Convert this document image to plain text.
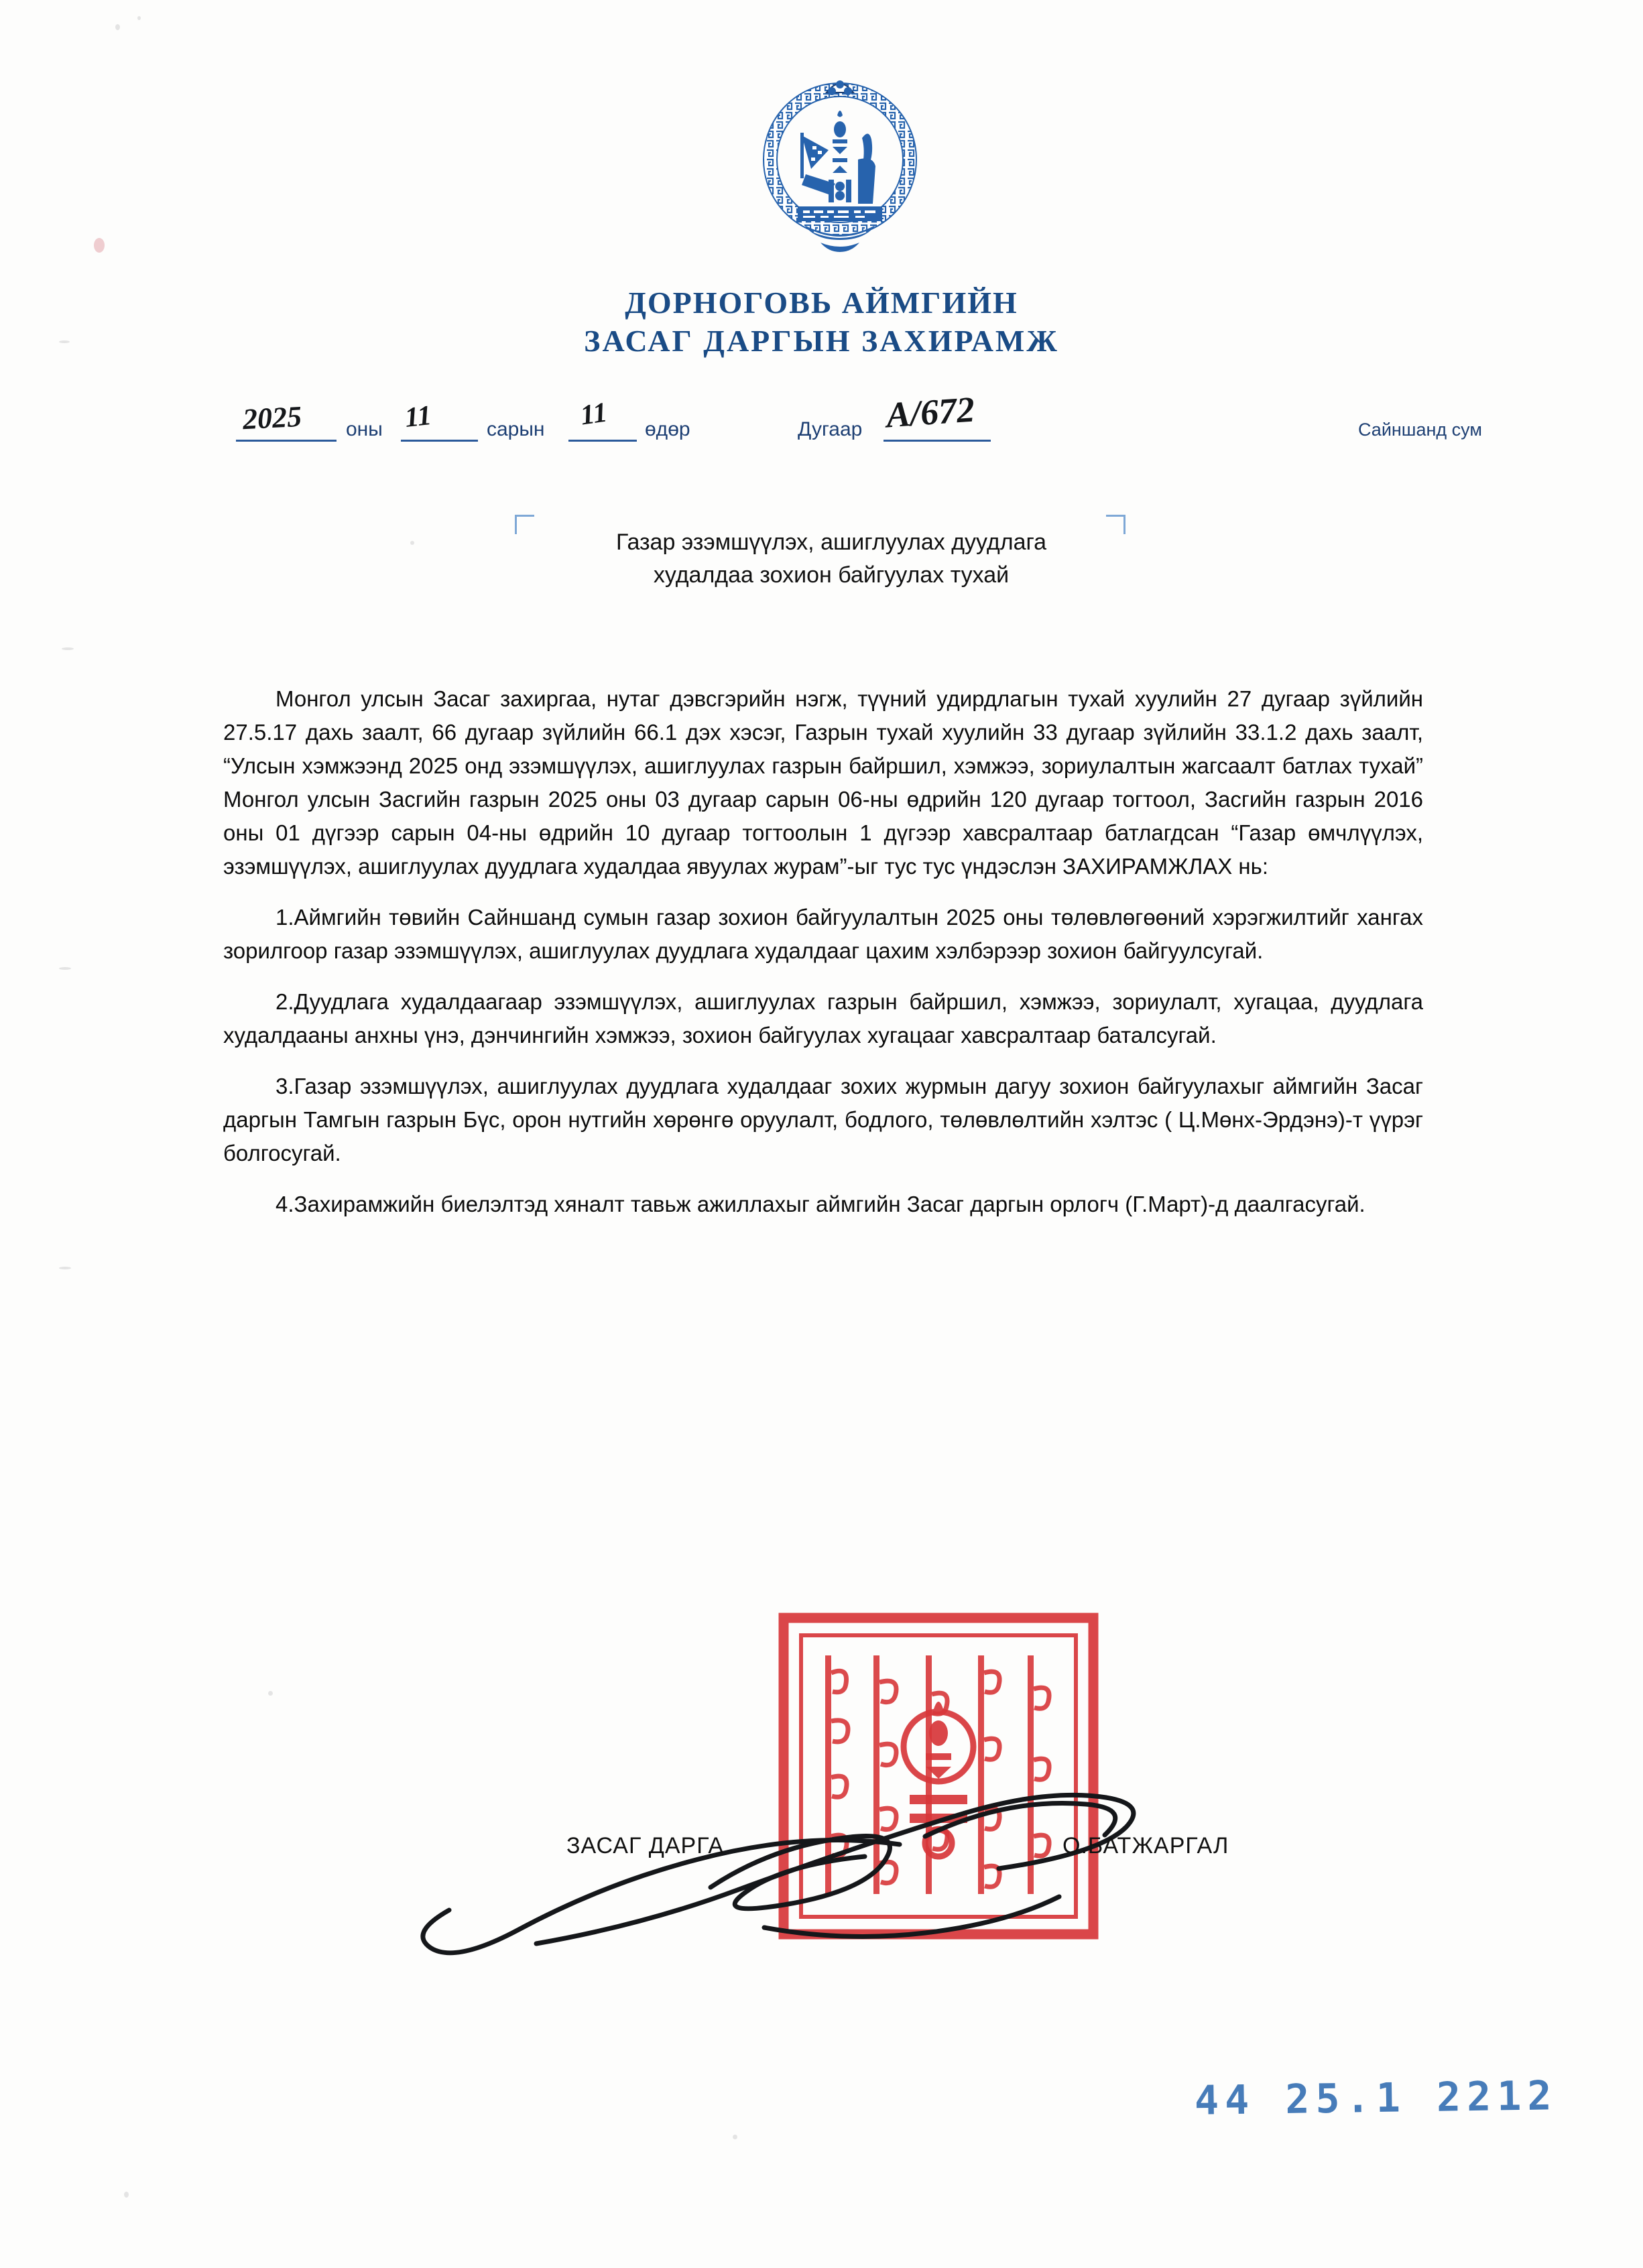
ДОРНОГОВЬ АЙМГИЙН
ЗАСАГ ДАРГЫН ЗАХИРАМЖ
2025 оны 11	сарын 11 өдөр	Дугаар А/672	Сайншанд сум
Газар эзэмшүүлэх, ашиглуулах дуудлага
худалдаа зохион байгуулах тухай

Монгол улсын Засаг захиргаа, нутаг дэвсгэрийн нэгж, түүний удирдлагын тухай хуулийн 27 дугаар зүйлийн 27.5.17 дахь заалт, 66 дугаар зүйлийн 66.1 дэх хэсэг, Газрын тухай хуулийн 33 дугаар зүйлийн 33.1.2 дахь заалт, “Улсын хэмжээнд 2025 онд эзэмшүүлэх, ашиглуулах газрын байршил, хэмжээ, зориулалтын жагсаалт батлах тухай” Монгол улсын Засгийн газрын 2025 оны 03 дугаар сарын 06-ны өдрийн 120 дугаар тогтоол, Засгийн газрын 2016 оны 01 дүгээр сарын 04-ны өдрийн 10 дугаар тогтоолын 1 дүгээр хавсралтаар батлагдсан “Газар өмчлүүлэх, эзэмшүүлэх, ашиглуулах дуудлага худалдаа явуулах журам”-ыг тус тус үндэслэн ЗАХИРАМЖЛАХ нь:

1.Аймгийн төвийн Сайншанд сумын газар зохион байгуулалтын 2025 оны төлөвлөгөөний хэрэгжилтийг хангах зорилгоор газар эзэмшүүлэх, ашиглуулах дуудлага худалдааг цахим хэлбэрээр зохион байгуулсугай.

2.Дуудлага худалдаагаар эзэмшүүлэх, ашиглуулах газрын байршил, хэмжээ, зориулалт, хугацаа, дуудлага худалдааны анхны үнэ, дэнчингийн хэмжээ, зохион байгуулах хугацааг хавсралтаар баталсугай.

3.Газар эзэмшүүлэх, ашиглуулах дуудлага худалдааг зохих журмын дагуу зохион байгуулахыг аймгийн Засаг даргын Тамгын газрын Бүс, орон нутгийн хөрөнгө оруулалт, бодлого, төлөвлөлтийн хэлтэс ( Ц.Мөнх-Эрдэнэ)-т үүрэг болгосугай.

4.Захирамжийн биелэлтэд хяналт тавьж ажиллахыг аймгийн Засаг даргын орлогч (Г.Март)-д даалгасугай.

ЗАСАГ ДАРГА	О.БАТЖАРГАЛ
44 25.1 2212
